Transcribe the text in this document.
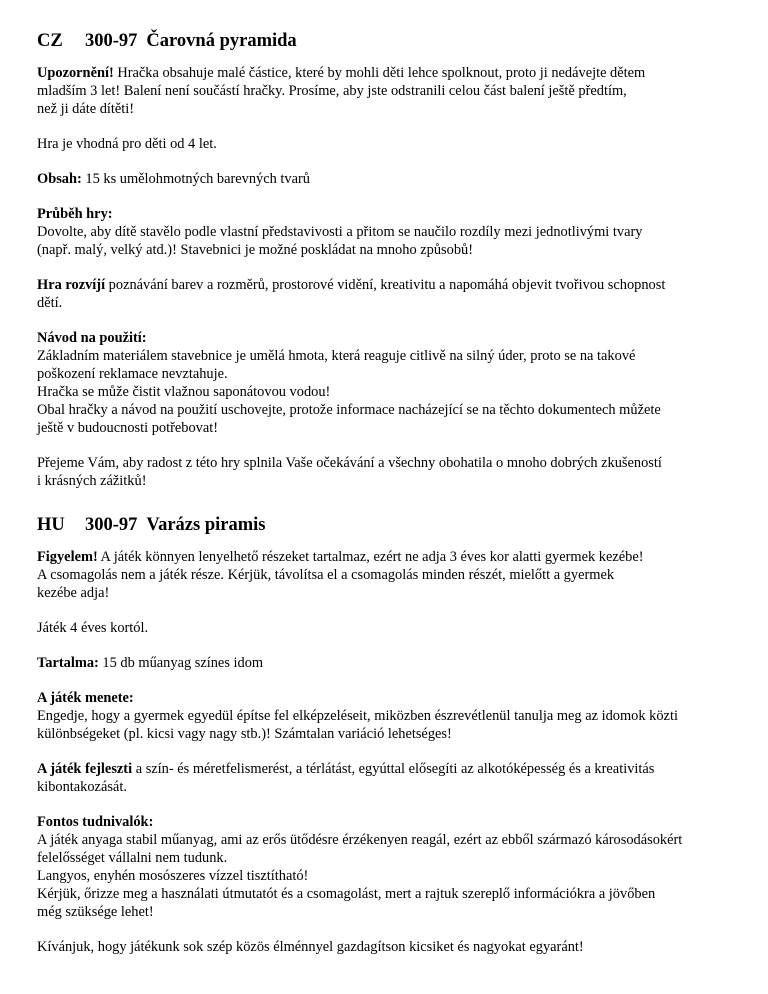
CZ 300-97 Čarovná pyramida
Upozornění! Hračka obsahuje malé částice, které by mohli děti lehce spolknout, proto ji nedávejte dětem
mladším 3 let! Balení není součástí hračky. Prosíme, aby jste odstranili celou část balení ještě předtím,
než ji dáte dítěti!
Hra je vhodná pro děti od 4 let.
Obsah: 15 ks umělohmotných barevných tvarů
Průběh hry:
Dovolte, aby dítě stavělo podle vlastní představivosti a přitom se naučilo rozdíly mezi jednotlivými tvary
(např. malý, velký atd.)! Stavebnici je možné poskládat na mnoho způsobů!
Hra rozvíjí poznávání barev a rozměrů, prostorové vidění, kreativitu a napomáhá objevit tvořivou schopnost
dětí.
Návod na použití:
Základním materiálem stavebnice je umělá hmota, která reaguje citlivě na silný úder, proto se na takové
poškození reklamace nevztahuje.
Hračka se může čistit vlažnou saponátovou vodou!
Obal hračky a návod na použití uschovejte, protože informace nacházející se na těchto dokumentech můžete
ještě v budoucnosti potřebovat!
Přejeme Vám, aby radost z této hry splnila Vaše očekávání a všechny obohatila o mnoho dobrých zkušeností
i krásných zážitků!
HU 300-97 Varázs piramis
Figyelem! A játék könnyen lenyelhető részeket tartalmaz, ezért ne adja 3 éves kor alatti gyermek kezébe!
A csomagolás nem a játék része. Kérjük, távolítsa el a csomagolás minden részét, mielőtt a gyermek
kezébe adja!
Játék 4 éves kortól.
Tartalma: 15 db műanyag színes idom
A játék menete:
Engedje, hogy a gyermek egyedül építse fel elképzeléseit, miközben észrevétlenül tanulja meg az idomok közti
különbségeket (pl. kicsi vagy nagy stb.)! Számtalan variáció lehetséges!
A játék fejleszti a szín- és méretfelismerést, a térlátást, egyúttal elősegíti az alkotóképesség és a kreativitás
kibontakozását.
Fontos tudnivalók:
A játék anyaga stabil műanyag, ami az erős ütődésre érzékenyen reagál, ezért az ebből származó károsodásokért
felelősséget vállalni nem tudunk.
Langyos, enyhén mosószeres vízzel tisztítható!
Kérjük, őrizze meg a használati útmutatót és a csomagolást, mert a rajtuk szereplő információkra a jövőben
még szüksége lehet!
Kívánjuk, hogy játékunk sok szép közös élménnyel gazdagítson kicsiket és nagyokat egyaránt!
